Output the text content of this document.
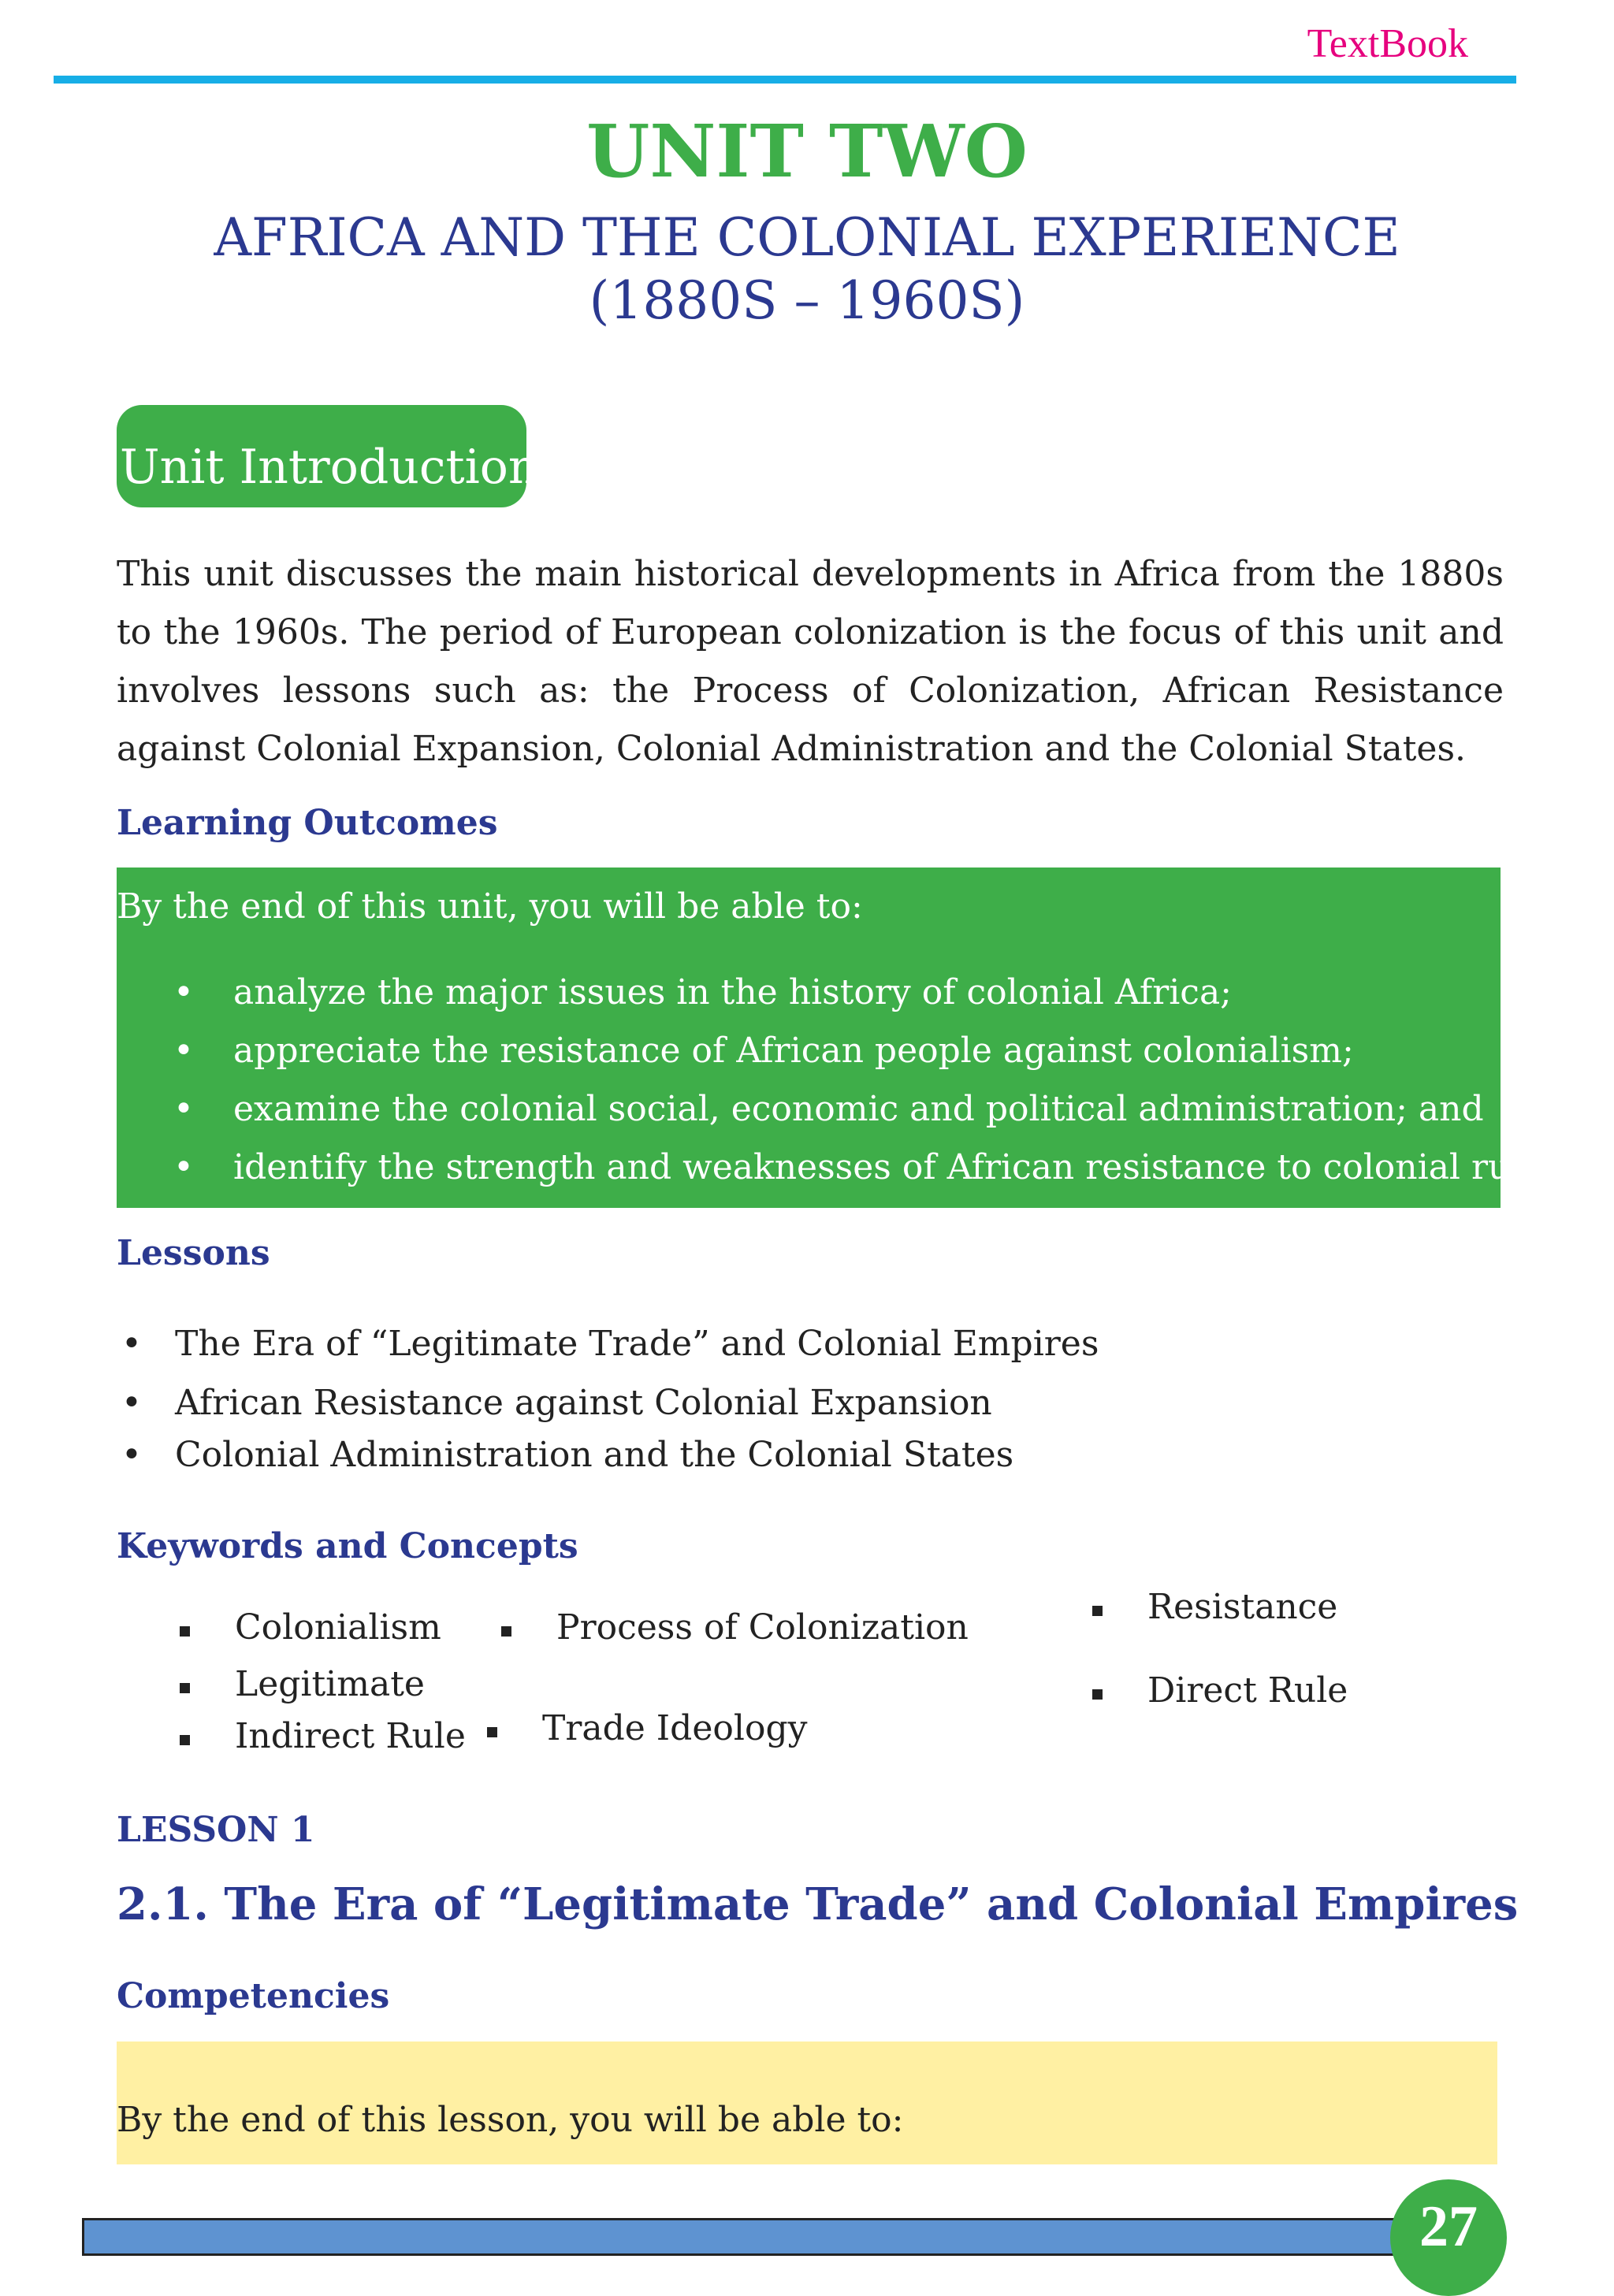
TextBook
UNIT TWO
AFRICA AND THE COLONIAL EXPERIENCE (1880S – 1960S)
Unit Introduction
This unit discusses the main historical developments in Africa from the 1880s to the 1960s. The period of European colonization is the focus of this unit and involves lessons such as: the Process of Colonization, African Resistance against Colonial Expansion, Colonial Administration and the Colonial States.
Learning Outcomes
By the end of this unit, you will be able to:
• analyze the major issues in the history of colonial Africa;
• appreciate the resistance of African people against colonialism;
• examine the colonial social, economic and political administration; and
• identify the strength and weaknesses of African resistance to colonial rule.
Lessons
• The Era of “Legitimate Trade” and Colonial Empires
• African Resistance against Colonial Expansion
• Colonial Administration and the Colonial States
Keywords and Concepts
Colonialism	Process of Colonization
Resistance
Legitimate	Direct Rule
Indirect Rule Trade Ideology
LESSON 1
2.1. The Era of “Legitimate Trade” and Colonial Empires
Competencies
By the end of this lesson, you will be able to:
27
